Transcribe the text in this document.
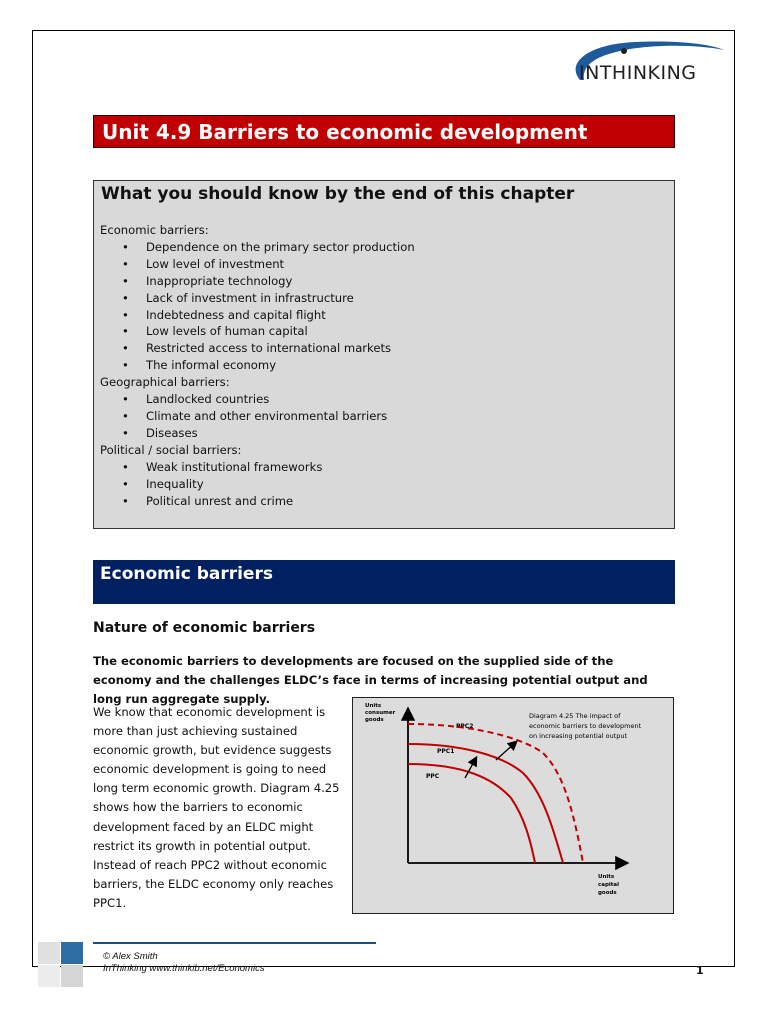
INTHINKING
Unit 4.9 Barriers to economic development
What you should know by the end of this chapter
Economic barriers:
• Dependence on the primary sector production
• Low level of investment
• Inappropriate technology
• Lack of investment in infrastructure
• Indebtedness and capital flight
• Low levels of human capital
• Restricted access to international markets
• The informal economy
Geographical barriers:
• Landlocked countries
• Climate and other environmental barriers
• Diseases
Political / social barriers:
• Weak institutional frameworks
• Inequality
• Political unrest and crime
Economic barriers
Nature of economic barriers
The economic barriers to developments are focused on the supplied side of the economy and the challenges ELDC’s face in terms of increasing potential output and long run aggregate supply.
We know that economic development is
more than just achieving sustained
economic growth, but evidence suggests
economic development is going to need
long term economic growth. Diagram 4.25
shows how the barriers to economic
development faced by an ELDC might
restrict its growth in potential output.
Instead of reach PPC2 without economic
barriers, the ELDC economy only reaches
PPC1.
Units consumer goods
Units capital goods
Diagram 4.25 The impact of economic barriers to development on increasing potential output
PPC2
PPC1
PPC
© Alex Smith
InThinking www.thinkib.net/Economics	1
